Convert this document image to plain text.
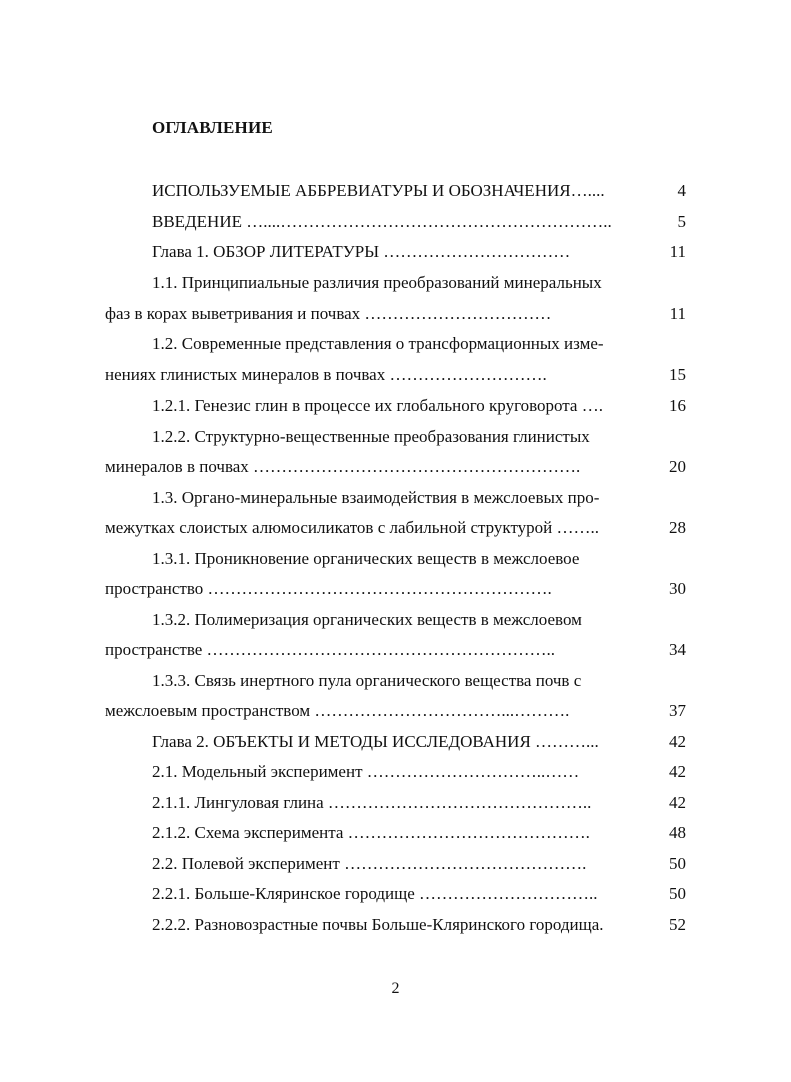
ОГЛАВЛЕНИЕ
ИСПОЛЬЗУЕМЫЕ АББРЕВИАТУРЫ И ОБОЗНАЧЕНИЯ…....	4
ВВЕДЕНИЕ …....…………………………………………………..	5
Глава 1. ОБЗОР ЛИТЕРАТУРЫ ……………………………	11
1.1. Принципиальные различия преобразований минеральных
фаз в корах выветривания и почвах ……………………………	11
1.2. Современные представления о трансформационных изме-
нениях глинистых минералов в почвах ……………………….	15
1.2.1. Генезис глин в процессе их глобального круговорота ….	16
1.2.2. Структурно-вещественные преобразования глинистых
минералов в почвах ………………………………………………….	20
1.3. Органо-минеральные взаимодействия в межслоевых про-
межутках слоистых алюмосиликатов с лабильной структурой ……..	28
1.3.1. Проникновение органических веществ в межслоевое
пространство …………………………………………………….	30
1.3.2. Полимеризация органических веществ в межслоевом
пространстве ……………………………………………………..	34
1.3.3. Связь инертного пула органического вещества почв с
межслоевым пространством ……………………………...……….	37
Глава 2. ОБЪЕКТЫ И МЕТОДЫ ИССЛЕДОВАНИЯ ………...	42
2.1. Модельный эксперимент …………………………..……	42
2.1.1. Лингуловая глина ………………………………………..	42
2.1.2. Схема эксперимента …………………………………….	48
2.2. Полевой эксперимент …………………………………….	50
2.2.1. Больше-Кляринское городище …………………………..	50
2.2.2. Разновозрастные почвы Больше-Кляринского городища.	52
2
